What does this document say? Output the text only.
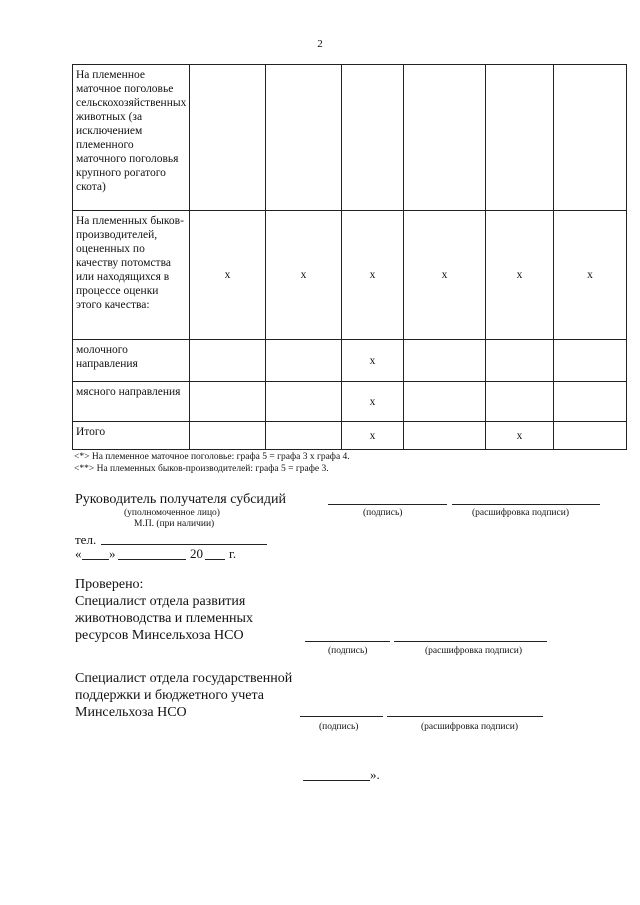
2
На племенное маточное поголовье сельскохозяйственных животных (за исключением племенного маточного поголовья крупного рогатого скота)						
На племенных быков-производителей, оцененных по качеству потомства или находящихся в процессе оценки этого качества:	x	x	x	x	x	x
молочного направления			x			
мясного направления			x			
Итого			x		x	
<*> На племенное маточное поголовье: графа 5 = графа 3 x графа 4.
<**> На племенных быков-производителей: графа 5 = графе 3.
Руководитель получателя субсидий
(подпись)	(расшифровка подписи)
(уполномоченное лицо)
М.П. (при наличии)
тел.
« »	20 г.
Проверено:
Специалист отдела развития
животноводства и племенных
ресурсов Минсельхоза НСО
(подпись)	(расшифровка подписи)
Специалист отдела государственной
поддержки и бюджетного учета
Минсельхоза НСО
(подпись)	(расшифровка подписи)
».
